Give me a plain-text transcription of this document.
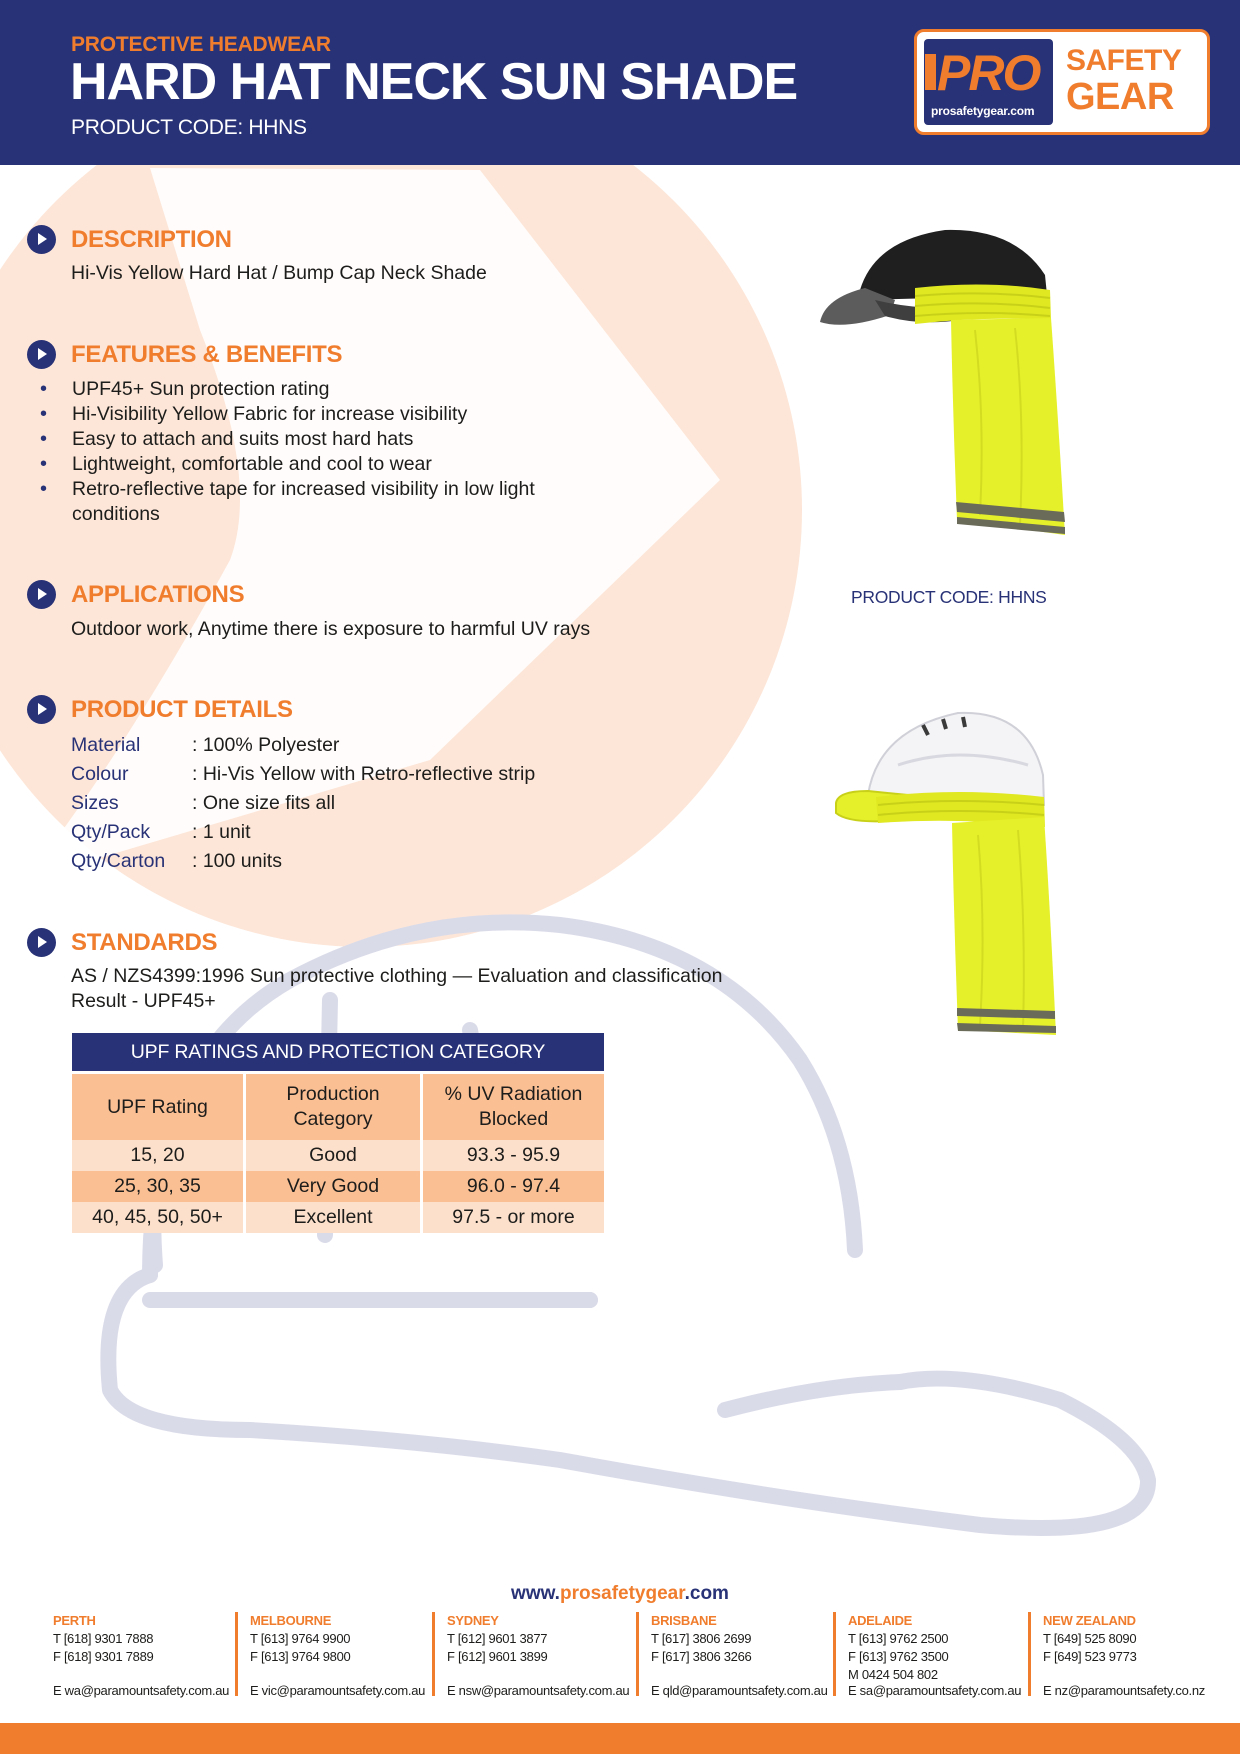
PROTECTIVE HEADWEAR
HARD HAT NECK SUN SHADE
PRODUCT CODE: HHNS
PRO
prosafetygear.com
SAFETY
GEAR
DESCRIPTION
Hi-Vis Yellow Hard Hat / Bump Cap Neck Shade
FEATURES & BENEFITS
• UPF45+ Sun protection rating
• Hi-Visibility Yellow Fabric for increase visibility
• Easy to attach and suits most hard hats
• Lightweight, comfortable and cool to wear
• Retro-reflective tape for increased visibility in low light conditions
APPLICATIONS
Outdoor work, Anytime there is exposure to harmful UV rays
PRODUCT DETAILS
Material	: 100% Polyester
Colour	: Hi-Vis Yellow with Retro-reflective strip
Sizes	: One size fits all
Qty/Pack	: 1 unit
Qty/Carton	: 100 units
STANDARDS
AS / NZS4399:1996 Sun protective clothing — Evaluation and classification
Result - UPF45+
UPF RATINGS AND PROTECTION CATEGORY		
UPF Rating	Production Category	% UV Radiation Blocked
15, 20	Good	93.3 - 95.9
25, 30, 35	Very Good	96.0 - 97.4
40, 45, 50, 50+	Excellent	97.5 - or more
PRODUCT CODE: HHNS
www.prosafetygear.com
PERTH
T [618] 9301 7888
F [618] 9301 7889
E wa@paramountsafety.com.au
MELBOURNE
T [613] 9764 9900
F [613] 9764 9800
E vic@paramountsafety.com.au
SYDNEY
T [612] 9601 3877
F [612] 9601 3899
E nsw@paramountsafety.com.au
BRISBANE
T [617] 3806 2699
F [617] 3806 3266
E qld@paramountsafety.com.au
ADELAIDE
T [613] 9762 2500
F [613] 9762 3500
M 0424 504 802
E sa@paramountsafety.com.au
NEW ZEALAND
T [649] 525 8090
F [649] 523 9773
E nz@paramountsafety.co.nz
